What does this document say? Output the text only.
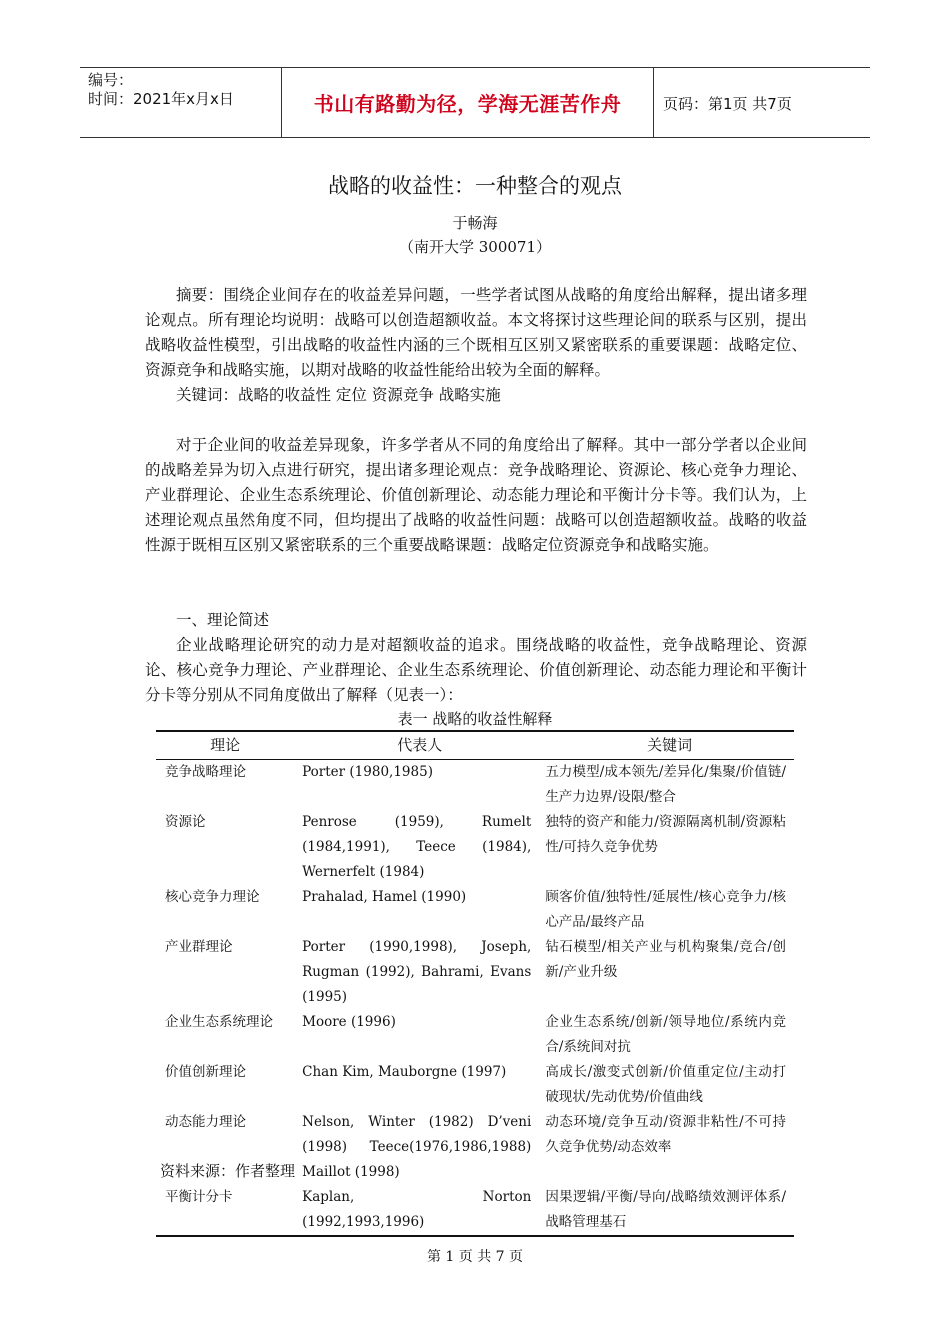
编号：
时间：2021年x月x日	书山有路勤为径，学海无涯苦作舟	页码：第1页 共7页
战略的收益性：一种整合的观点
于畅海
（南开大学 300071）

摘要：围绕企业间存在的收益差异问题，一些学者试图从战略的角度给出解释，提出诸多理论观点。所有理论均说明：战略可以创造超额收益。本文将探讨这些理论间的联系与区别，提出战略收益性模型，引出战略的收益性内涵的三个既相互区别又紧密联系的重要课题：战略定位、资源竞争和战略实施，以期对战略的收益性能给出较为全面的解释。

关键词：战略的收益性 定位 资源竞争 战略实施

对于企业间的收益差异现象，许多学者从不同的角度给出了解释。其中一部分学者以企业间的战略差异为切入点进行研究，提出诸多理论观点：竞争战略理论、资源论、核心竞争力理论、产业群理论、企业生态系统理论、价值创新理论、动态能力理论和平衡计分卡等。我们认为，上述理论观点虽然角度不同，但均提出了战略的收益性问题：战略可以创造超额收益。战略的收益性源于既相互区别又紧密联系的三个重要战略课题：战略定位资源竞争和战略实施。

一、理论简述

企业战略理论研究的动力是对超额收益的追求。围绕战略的收益性，竞争战略理论、资源论、核心竞争力理论、产业群理论、企业生态系统理论、价值创新理论、动态能力理论和平衡计分卡等分别从不同角度做出了解释（见表一）：

表一 战略的收益性解释
理论	代表人	关键词
竞争战略理论	Porter (1980,1985)	五力模型/成本领先/差异化/集聚/价值链/生产力边界/设限/整合
资源论	Penrose (1959), Rumelt (1984,1991), Teece (1984), Wernerfelt (1984)	独特的资产和能力/资源隔离机制/资源粘性/可持久竞争优势
核心竞争力理论	Prahalad, Hamel (1990)	顾客价值/独特性/延展性/核心竞争力/核心产品/最终产品
产业群理论	Porter (1990,1998), Joseph, Rugman (1992), Bahrami, Evans (1995)	钻石模型/相关产业与机构聚集/竞合/创新/产业升级
企业生态系统理论	Moore (1996)	企业生态系统/创新/领导地位/系统内竞合/系统间对抗
价值创新理论	Chan Kim, Mauborgne (1997)	高成长/激变式创新/价值重定位/主动打破现状/先动优势/价值曲线
动态能力理论	Nelson, Winter (1982) D’veni (1998) Teece(1976,1986,1988) Maillot (1998)	动态环境/竞争互动/资源非粘性/不可持久竞争优势/动态效率
平衡计分卡	Kaplan, Norton (1992,1993,1996)	因果逻辑/平衡/导向/战略绩效测评体系/战略管理基石
资料来源：作者整理
第 1 页 共 7 页
